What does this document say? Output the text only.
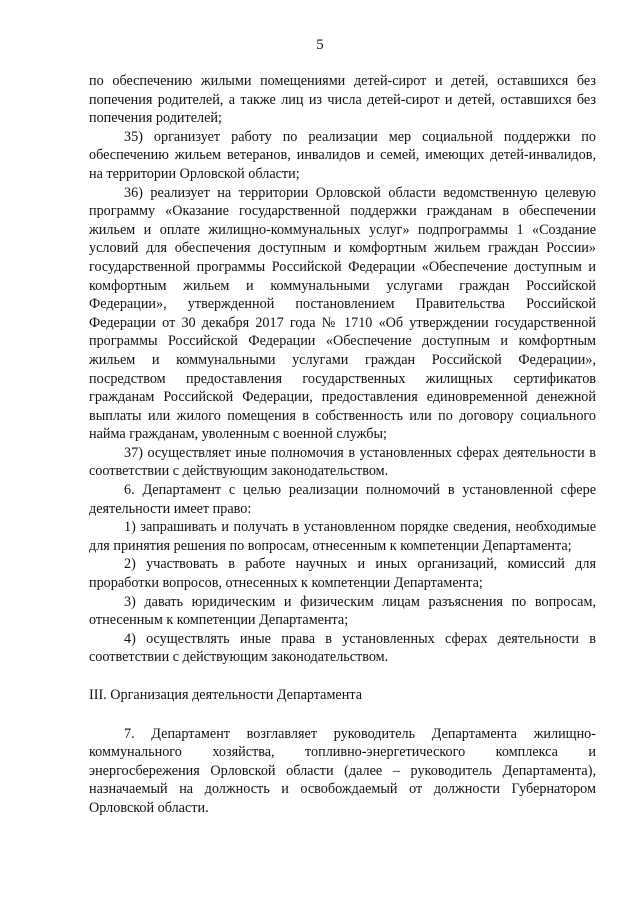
5

по обеспечению жилыми помещениями детей-сирот и детей, оставшихся без попечения родителей, а также лиц из числа детей-сирот и детей, оставшихся без попечения родителей;

35) организует работу по реализации мер социальной поддержки по обеспечению жильем ветеранов, инвалидов и семей, имеющих детей-инвалидов, на территории Орловской области;

36) реализует на территории Орловской области ведомственную целевую программу «Оказание государственной поддержки гражданам в обеспечении жильем и оплате жилищно-коммунальных услуг» подпрограммы 1 «Создание условий для обеспечения доступным и комфортным жильем граждан России» государственной программы Российской Федерации «Обеспечение доступным и комфортным жильем и коммунальными услугами граждан Российской Федерации», утвержденной постановлением Правительства Российской Федерации от 30 декабря 2017 года № 1710 «Об утверждении государственной программы Российской Федерации «Обеспечение доступным и комфортным жильем и коммунальными услугами граждан Российской Федерации», посредством предоставления государственных жилищных сертификатов гражданам Российской Федерации, предоставления единовременной денежной выплаты или жилого помещения в собственность или по договору социального найма гражданам, уволенным с военной службы;

37) осуществляет иные полномочия в установленных сферах деятельности в соответствии с действующим законодательством.

6. Департамент с целью реализации полномочий в установленной сфере деятельности имеет право:

1) запрашивать и получать в установленном порядке сведения, необходимые для принятия решения по вопросам, отнесенным к компетенции Департамента;

2) участвовать в работе научных и иных организаций, комиссий для проработки вопросов, отнесенных к компетенции Департамента;

3) давать юридическим и физическим лицам разъяснения по вопросам, отнесенным к компетенции Департамента;

4) осуществлять иные права в установленных сферах деятельности в соответствии с действующим законодательством.

III. Организация деятельности Департамента

7. Департамент возглавляет руководитель Департамента жилищно-коммунального хозяйства, топливно-энергетического комплекса и энергосбережения Орловской области (далее – руководитель Департамента), назначаемый на должность и освобождаемый от должности Губернатором Орловской области.
